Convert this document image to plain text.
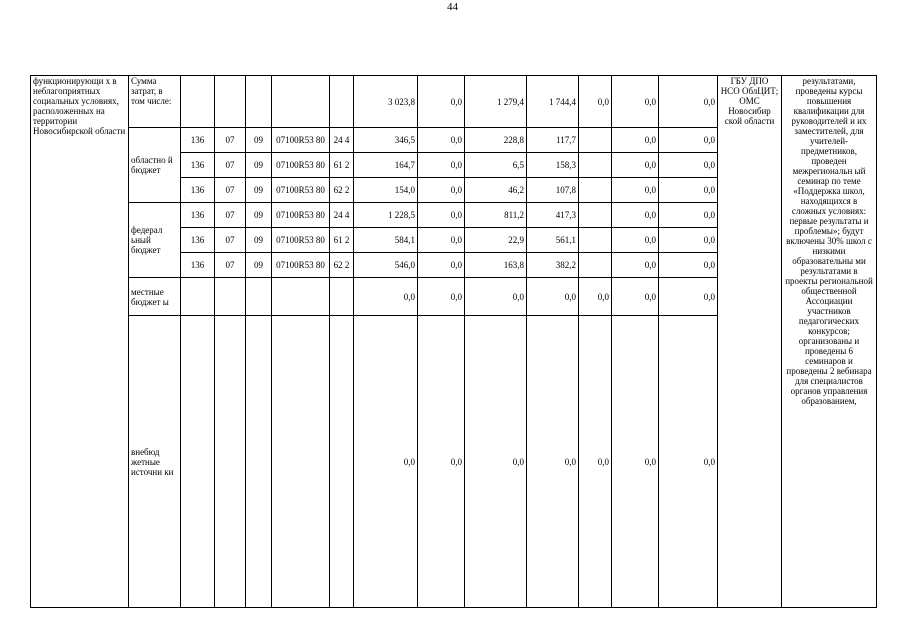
44
функционирующи х в неблагоприятных социальных условиях, расположенных на территории Новосибирской области	Сумма затрат, в том числе:						3 023,8	0,0	1 279,4	1 744,4	0,0	0,0	0,0	ГБУ ДПО НСО ОблЦИТ; ОМС Новосибир ской области	результатами, проведены курсы повышения квалификации для руководителей и их заместителей, для учителей-предметников, проведен межрегиональн ый семинар по теме «Поддержка школ, находящихся в сложных условиях: первые результаты и проблемы»; будут включены 30% школ с низкими образовательны ми результатами в проекты региональной общественной Ассоциации участников педагогических конкурсов; организованы и проведены 6 семинаров и проведены 2 вебинара для специалистов органов управления образованием,
	областно й бюджет	136	07	09	07100R53 80	24 4	346,5	0,0	228,8	117,7		0,0	0,0		
		136	07	09	07100R53 80	61 2	164,7	0,0	6,5	158,3		0,0	0,0		
		136	07	09	07100R53 80	62 2	154,0	0,0	46,2	107,8		0,0	0,0		
	федерал ьный бюджет	136	07	09	07100R53 80	24 4	1 228,5	0,0	811,2	417,3		0,0	0,0		
		136	07	09	07100R53 80	61 2	584,1	0,0	22,9	561,1		0,0	0,0		
		136	07	09	07100R53 80	62 2	546,0	0,0	163,8	382,2		0,0	0,0		
	местные бюджет ы						0,0	0,0	0,0	0,0	0,0	0,0	0,0		
	внебюд жетные источни ки						0,0	0,0	0,0	0,0	0,0	0,0	0,0		
